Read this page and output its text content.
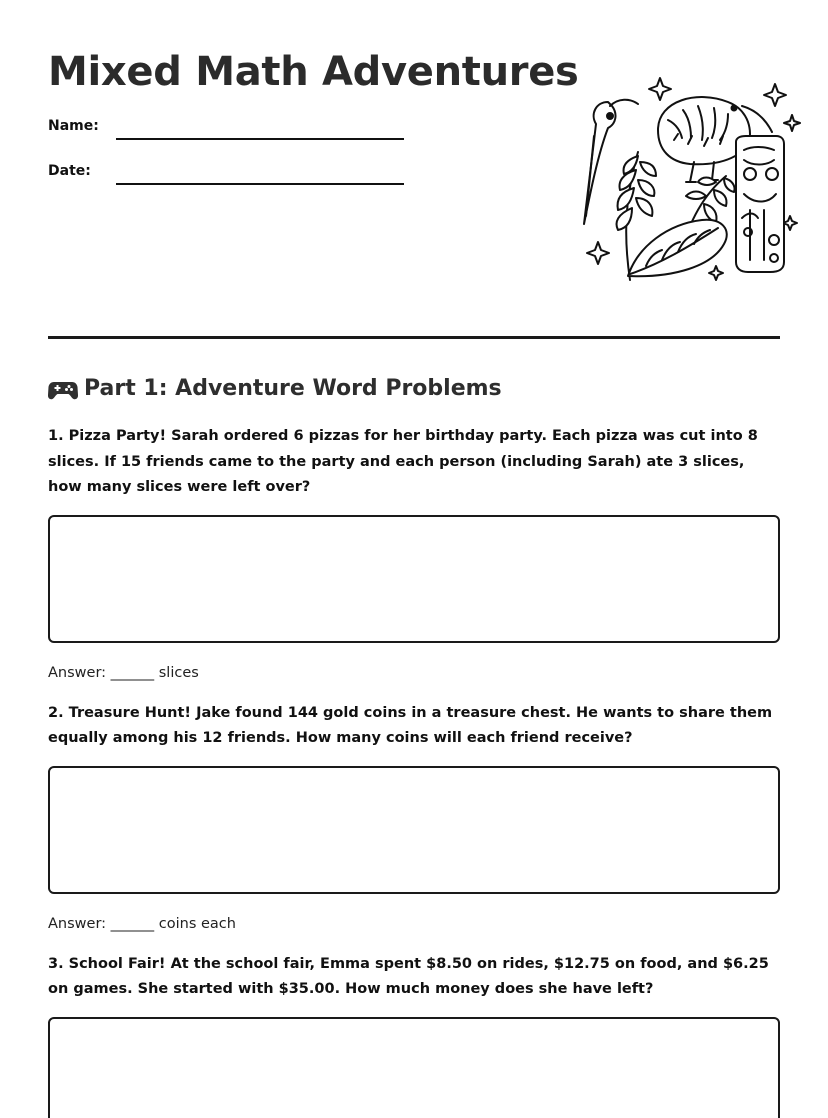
Mixed Math Adventures
Name:
Date:
Part 1: Adventure Word Problems

1. Pizza Party! Sarah ordered 6 pizzas for her birthday party. Each pizza was cut into 8 slices. If 15 friends came to the party and each person (including Sarah) ate 3 slices, how many slices were left over?

Answer: ______ slices

2. Treasure Hunt! Jake found 144 gold coins in a treasure chest. He wants to share them equally among his 12 friends. How many coins will each friend receive?

Answer: ______ coins each

3. School Fair! At the school fair, Emma spent $8.50 on rides, $12.75 on food, and $6.25 on games. She started with $35.00. How much money does she have left?
